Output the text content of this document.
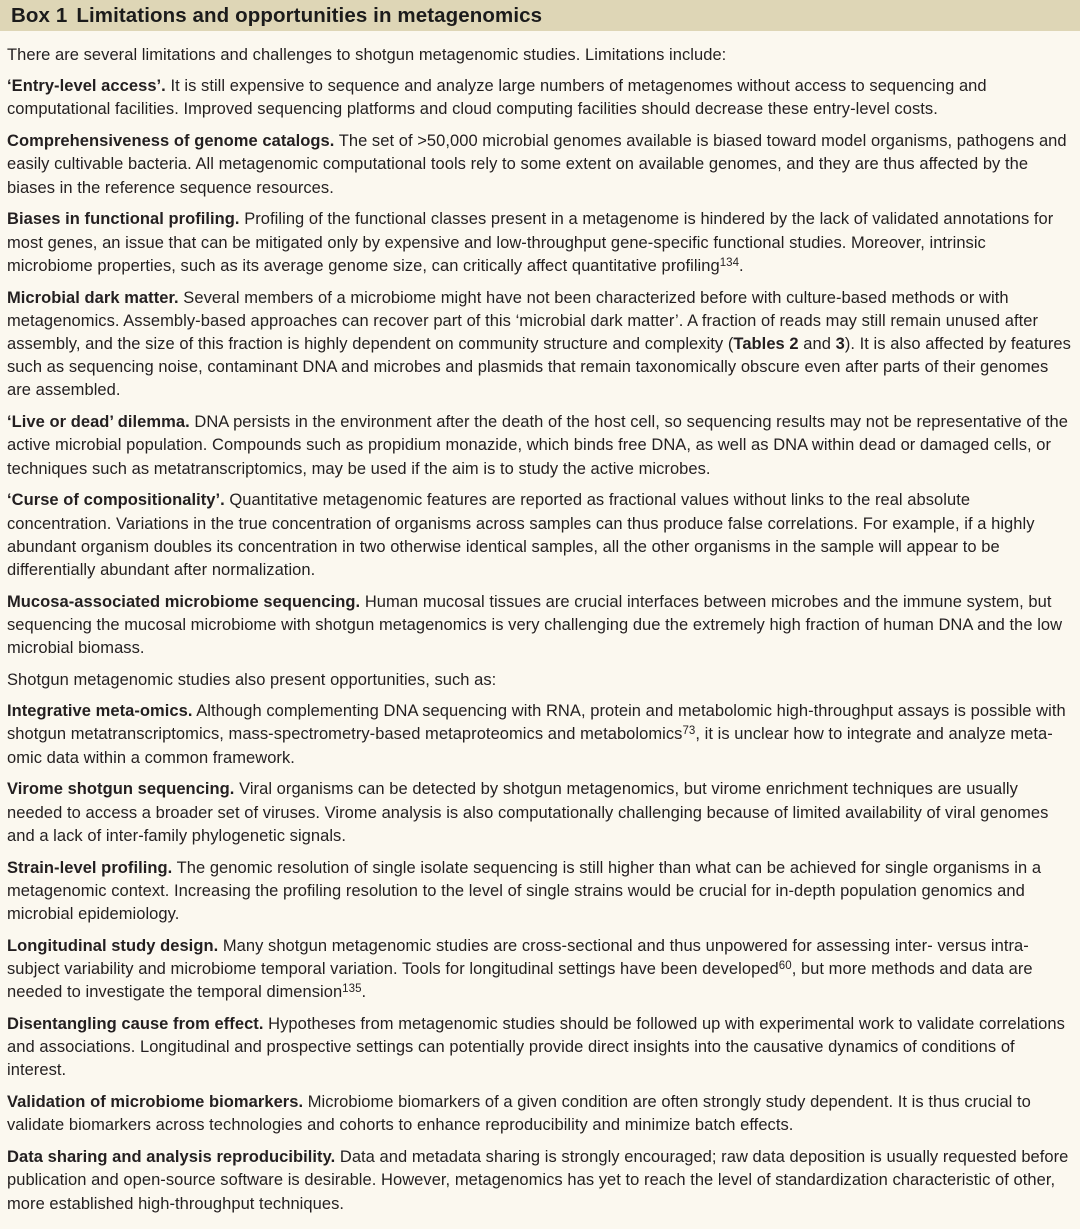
Box 1 Limitations and opportunities in metagenomics

There are several limitations and challenges to shotgun metagenomic studies. Limitations include:

‘Entry-level access’. It is still expensive to sequence and analyze large numbers of metagenomes without access to sequencing and computational facilities. Improved sequencing platforms and cloud computing facilities should decrease these entry-level costs.

Comprehensiveness of genome catalogs. The set of >50,000 microbial genomes available is biased toward model organisms, pathogens and easily cultivable bacteria. All metagenomic computational tools rely to some extent on available genomes, and they are thus affected by the biases in the reference sequence resources.

Biases in functional profiling. Profiling of the functional classes present in a metagenome is hindered by the lack of validated annotations for most genes, an issue that can be mitigated only by expensive and low-throughput gene-specific functional studies. Moreover, intrinsic microbiome properties, such as its average genome size, can critically affect quantitative profiling$^{134}$.

Microbial dark matter. Several members of a microbiome might have not been characterized before with culture-based methods or with metagenomics. Assembly-based approaches can recover part of this ‘microbial dark matter’. A fraction of reads may still remain unused after assembly, and the size of this fraction is highly dependent on community structure and complexity (Tables 2 and 3). It is also affected by features such as sequencing noise, contaminant DNA and microbes and plasmids that remain taxonomically obscure even after parts of their genomes are assembled.

‘Live or dead’ dilemma. DNA persists in the environment after the death of the host cell, so sequencing results may not be representative of the active microbial population. Compounds such as propidium monazide, which binds free DNA, as well as DNA within dead or damaged cells, or techniques such as metatranscriptomics, may be used if the aim is to study the active microbes.

‘Curse of compositionality’. Quantitative metagenomic features are reported as fractional values without links to the real absolute concentration. Variations in the true concentration of organisms across samples can thus produce false correlations. For example, if a highly abundant organism doubles its concentration in two otherwise identical samples, all the other organisms in the sample will appear to be differentially abundant after normalization.

Mucosa-associated microbiome sequencing. Human mucosal tissues are crucial interfaces between microbes and the immune system, but sequencing the mucosal microbiome with shotgun metagenomics is very challenging due the extremely high fraction of human DNA and the low microbial biomass.

Shotgun metagenomic studies also present opportunities, such as:

Integrative meta-omics. Although complementing DNA sequencing with RNA, protein and metabolomic high-throughput assays is possible with shotgun metatranscriptomics, mass-spectrometry-based metaproteomics and metabolomics$^{73}$, it is unclear how to integrate and analyze meta-omic data within a common framework.

Virome shotgun sequencing. Viral organisms can be detected by shotgun metagenomics, but virome enrichment techniques are usually needed to access a broader set of viruses. Virome analysis is also computationally challenging because of limited availability of viral genomes and a lack of inter-family phylogenetic signals.

Strain-level profiling. The genomic resolution of single isolate sequencing is still higher than what can be achieved for single organisms in a metagenomic context. Increasing the profiling resolution to the level of single strains would be crucial for in-depth population genomics and microbial epidemiology.

Longitudinal study design. Many shotgun metagenomic studies are cross-sectional and thus unpowered for assessing inter- versus intra-subject variability and microbiome temporal variation. Tools for longitudinal settings have been developed$^{60}$, but more methods and data are needed to investigate the temporal dimension$^{135}$.

Disentangling cause from effect. Hypotheses from metagenomic studies should be followed up with experimental work to validate correlations and associations. Longitudinal and prospective settings can potentially provide direct insights into the causative dynamics of conditions of interest.

Validation of microbiome biomarkers. Microbiome biomarkers of a given condition are often strongly study dependent. It is thus crucial to validate biomarkers across technologies and cohorts to enhance reproducibility and minimize batch effects.

Data sharing and analysis reproducibility. Data and metadata sharing is strongly encouraged; raw data deposition is usually requested before publication and open-source software is desirable. However, metagenomics has yet to reach the level of standardization characteristic of other, more established high-throughput techniques.
